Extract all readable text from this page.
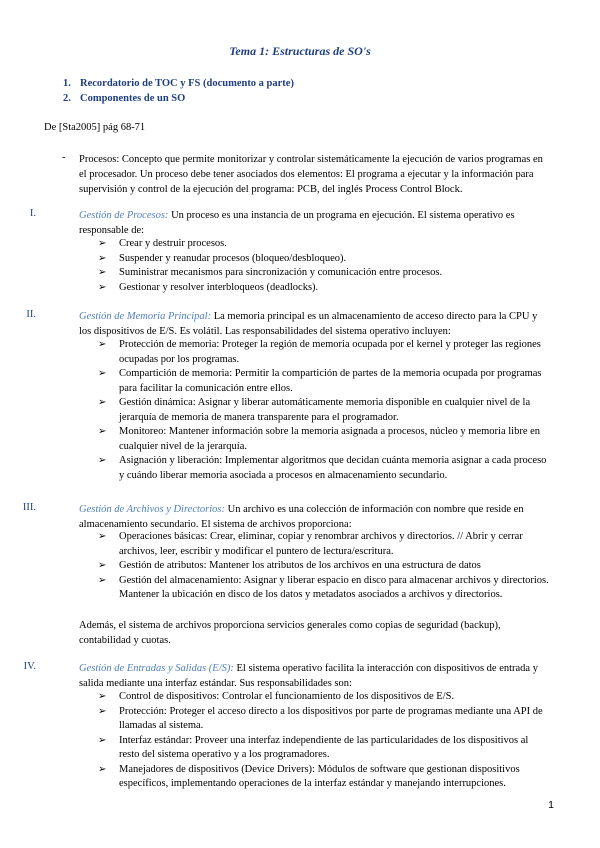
Tema 1: Estructuras de SO's
1. Recordatorio de TOC y FS (documento a parte)
2. Componentes de un SO
De [Sta2005] pág 68-71
- Procesos: Concepto que permite monitorizar y controlar sistemáticamente la ejecución de varios programas en el procesador. Un proceso debe tener asociados dos elementos: El programa a ejecutar y la información para supervisión y control de la ejecución del programa: PCB, del inglés Process Control Block.
I.	Gestión de Procesos: Un proceso es una instancia de un programa en ejecución. El sistema operativo es responsable de:
➢	Crear y destruir procesos.
➢	Suspender y reanudar procesos (bloqueo/desbloqueo).
➢	Suministrar mecanismos para sincronización y comunicación entre procesos.
➢	Gestionar y resolver interbloqueos (deadlocks).
II.	Gestión de Memoria Principal: La memoria principal es un almacenamiento de acceso directo para la CPU y los dispositivos de E/S. Es volátil. Las responsabilidades del sistema operativo incluyen:
➢	Protección de memoria: Proteger la región de memoria ocupada por el kernel y proteger las regiones ocupadas por los programas.
➢	Compartición de memoria: Permitir la compartición de partes de la memoria ocupada por programas para facilitar la comunicación entre ellos.
➢	Gestión dinámica: Asignar y liberar automáticamente memoria disponible en cualquier nivel de la jerarquía de memoria de manera transparente para el programador.
➢	Monitoreo: Mantener información sobre la memoria asignada a procesos, núcleo y memoria libre en cualquier nivel de la jerarquía.
➢	Asignación y liberación: Implementar algoritmos que decidan cuánta memoria asignar a cada proceso y cuándo liberar memoria asociada a procesos en almacenamiento secundario.
III.	Gestión de Archivos y Directorios: Un archivo es una colección de información con nombre que reside en almacenamiento secundario. El sistema de archivos proporciona:
➢	Operaciones básicas: Crear, eliminar, copiar y renombrar archivos y directorios. // Abrir y cerrar archivos, leer, escribir y modificar el puntero de lectura/escritura.
➢	Gestión de atributos: Mantener los atributos de los archivos en una estructura de datos
➢	Gestión del almacenamiento: Asignar y liberar espacio en disco para almacenar archivos y directorios. Mantener la ubicación en disco de los datos y metadatos asociados a archivos y directorios.
Además, el sistema de archivos proporciona servicios generales como copias de seguridad (backup), contabilidad y cuotas.
IV.	Gestión de Entradas y Salidas (E/S): El sistema operativo facilita la interacción con dispositivos de entrada y salida mediante una interfaz estándar. Sus responsabilidades son:
➢	Control de dispositivos: Controlar el funcionamiento de los dispositivos de E/S.
➢	Protección: Proteger el acceso directo a los dispositivos por parte de programas mediante una API de llamadas al sistema.
➢	Interfaz estándar: Proveer una interfaz independiente de las particularidades de los dispositivos al resto del sistema operativo y a los programadores.
➢	Manejadores de dispositivos (Device Drivers): Módulos de software que gestionan dispositivos específicos, implementando operaciones de la interfaz estándar y manejando interrupciones.
1
